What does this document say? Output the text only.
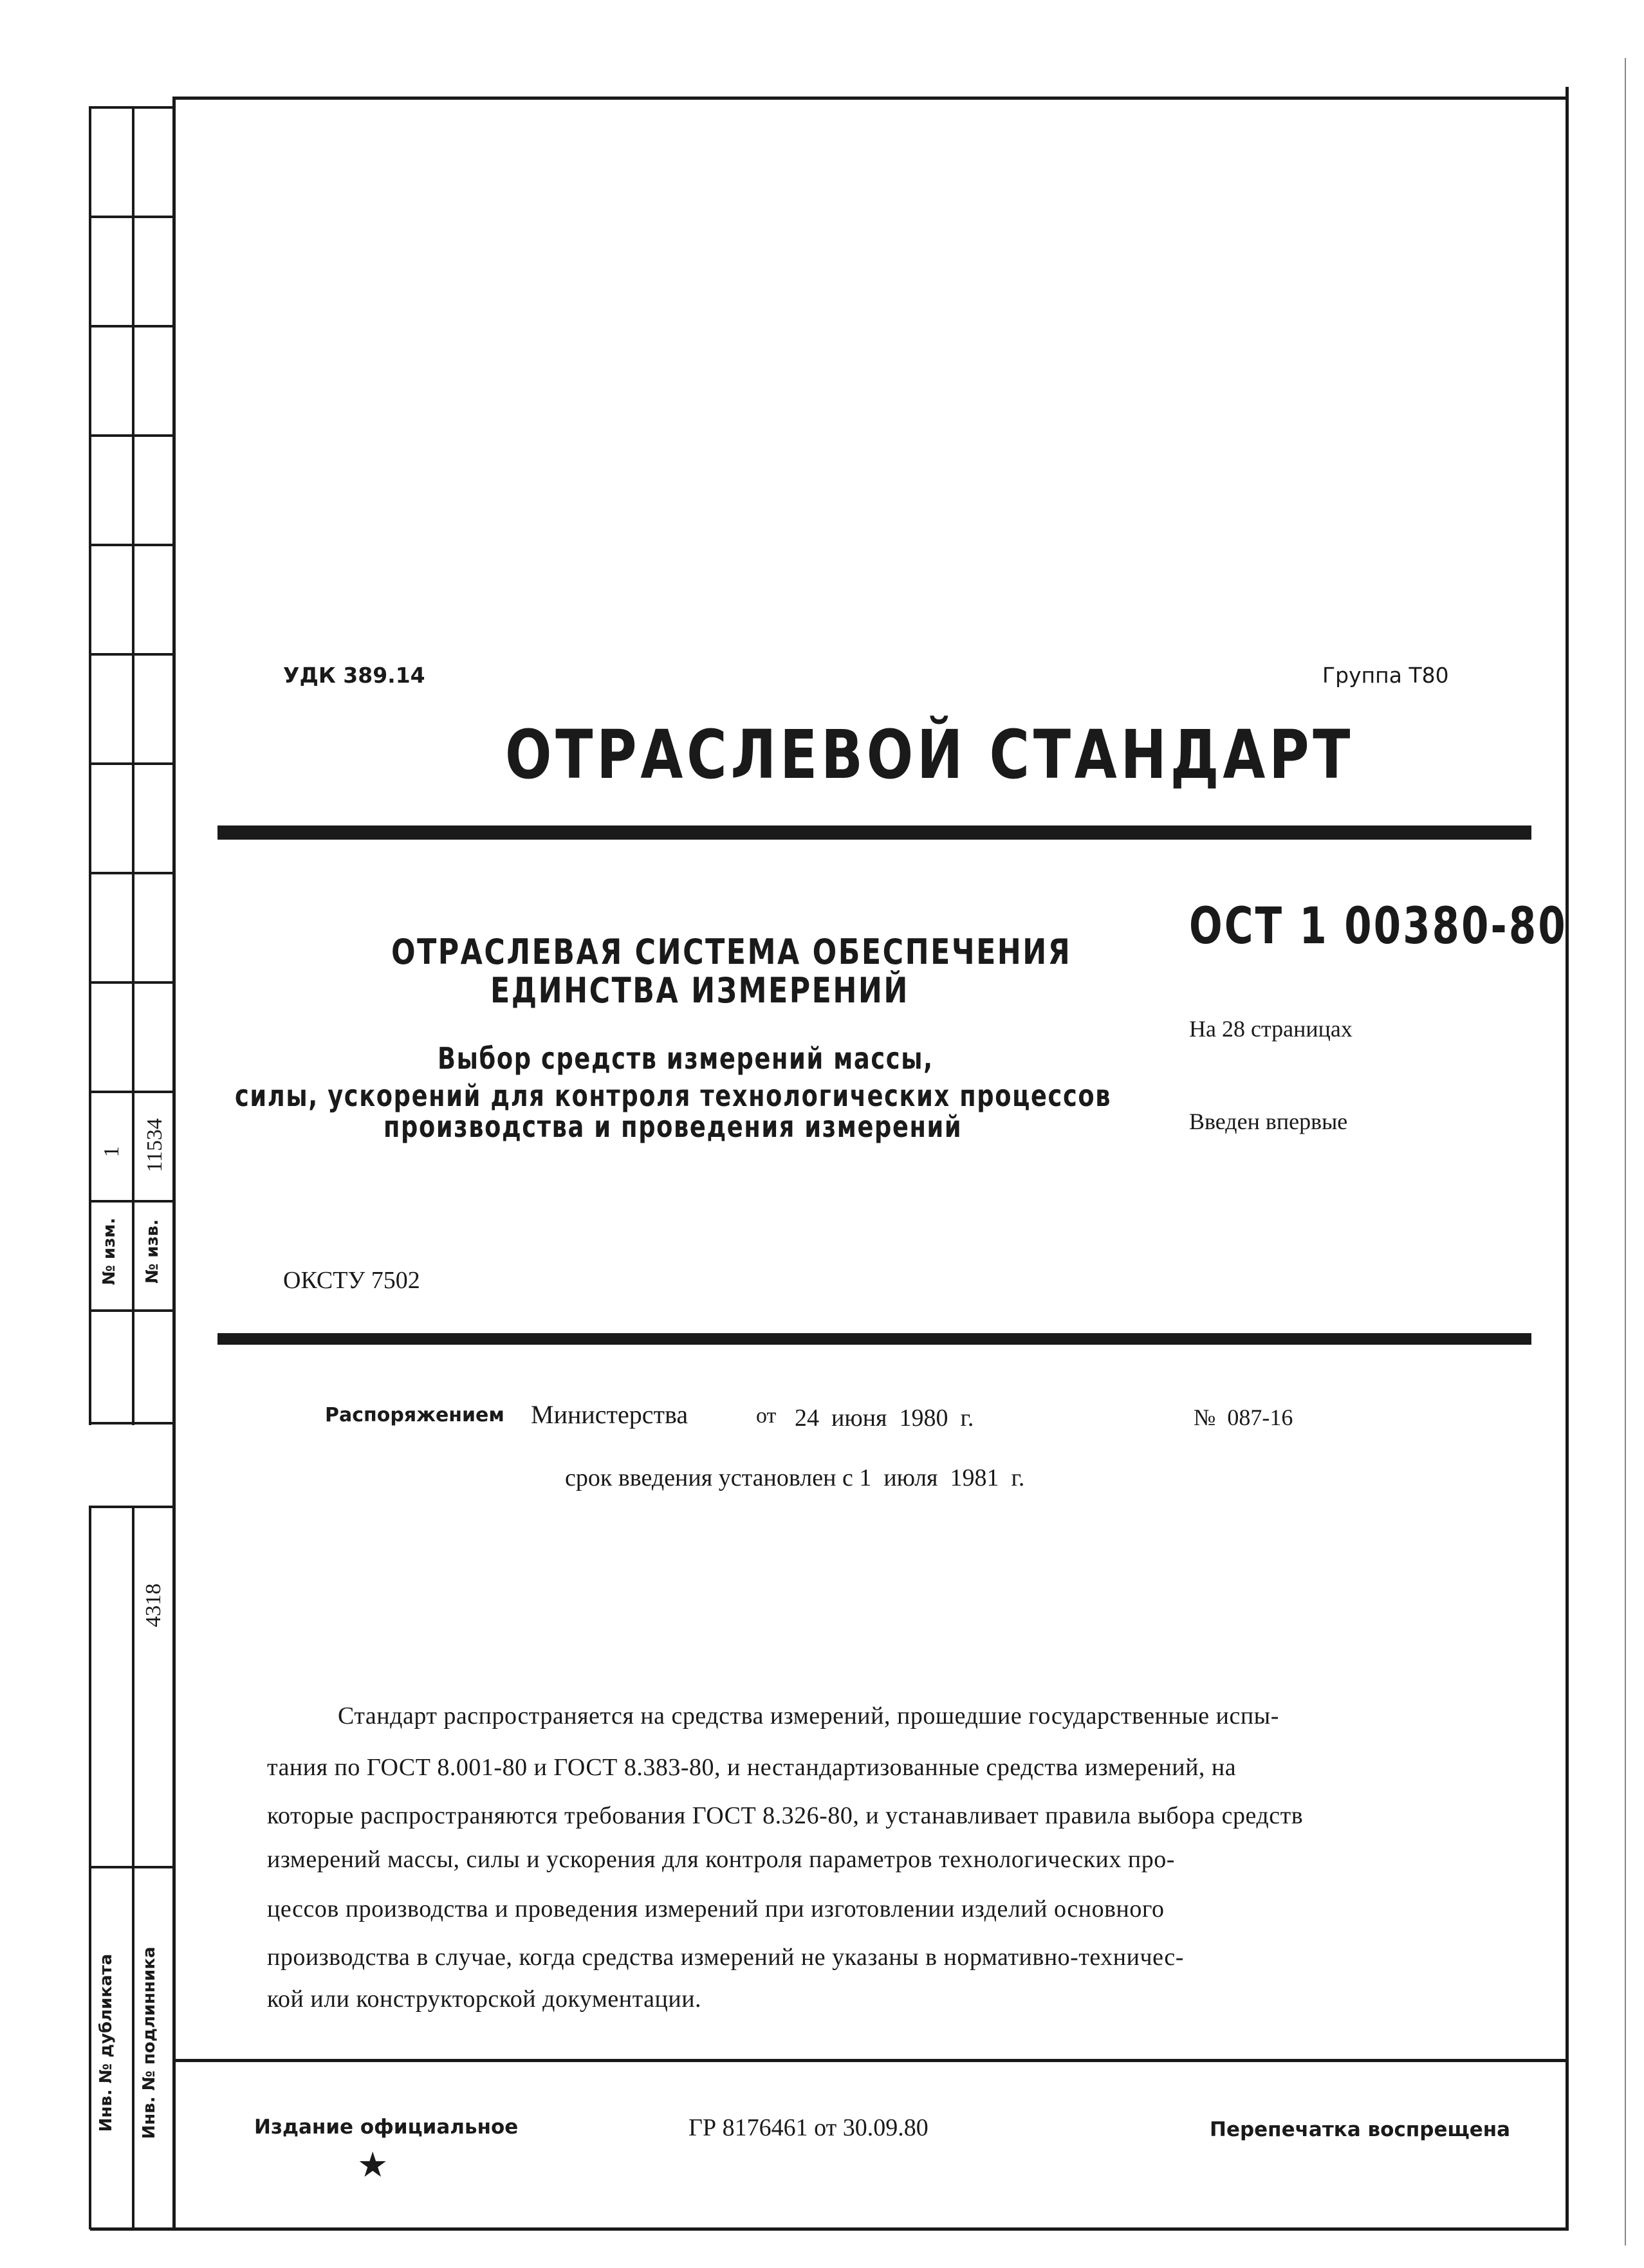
№ изм.	№ изв.
1 11534
4318
Инв. № дубликата	Инв. № подлинника
УДК 389.14	Группа Т80
ОТРАСЛЕВОЙ СТАНДАРТ
ОТРАСЛЕВАЯ СИСТЕМА ОБЕСПЕЧЕНИЯ
ЕДИНСТВА ИЗМЕРЕНИЙ
Выбор средств измерений массы,
силы, ускорений для контроля технологических процессов
производства и проведения измерений
ОСТ 1 00380-80
На 28 страницах
Введен впервые
ОКСТУ 7502
Распоряжением Министерства	от 24  июня  1980  г.	№  087-16
срок введения установлен с 1  июля  1981  г.
Стандарт распространяется на средства измерений, прошедшие государственные испы-
тания по ГОСТ 8.001-80 и ГОСТ 8.383-80, и нестандартизованные средства измерений, на
которые распространяются требования ГОСТ 8.326-80, и устанавливает правила выбора средств
измерений массы, силы и ускорения для контроля параметров технологических про-
цессов производства и проведения измерений при изготовлении изделий основного
производства в случае, когда средства измерений не указаны в нормативно-техничес-
кой или конструкторской документации.
Издание официальное
★
ГР 8176461 от 30.09.80	Перепечатка воспрещена
